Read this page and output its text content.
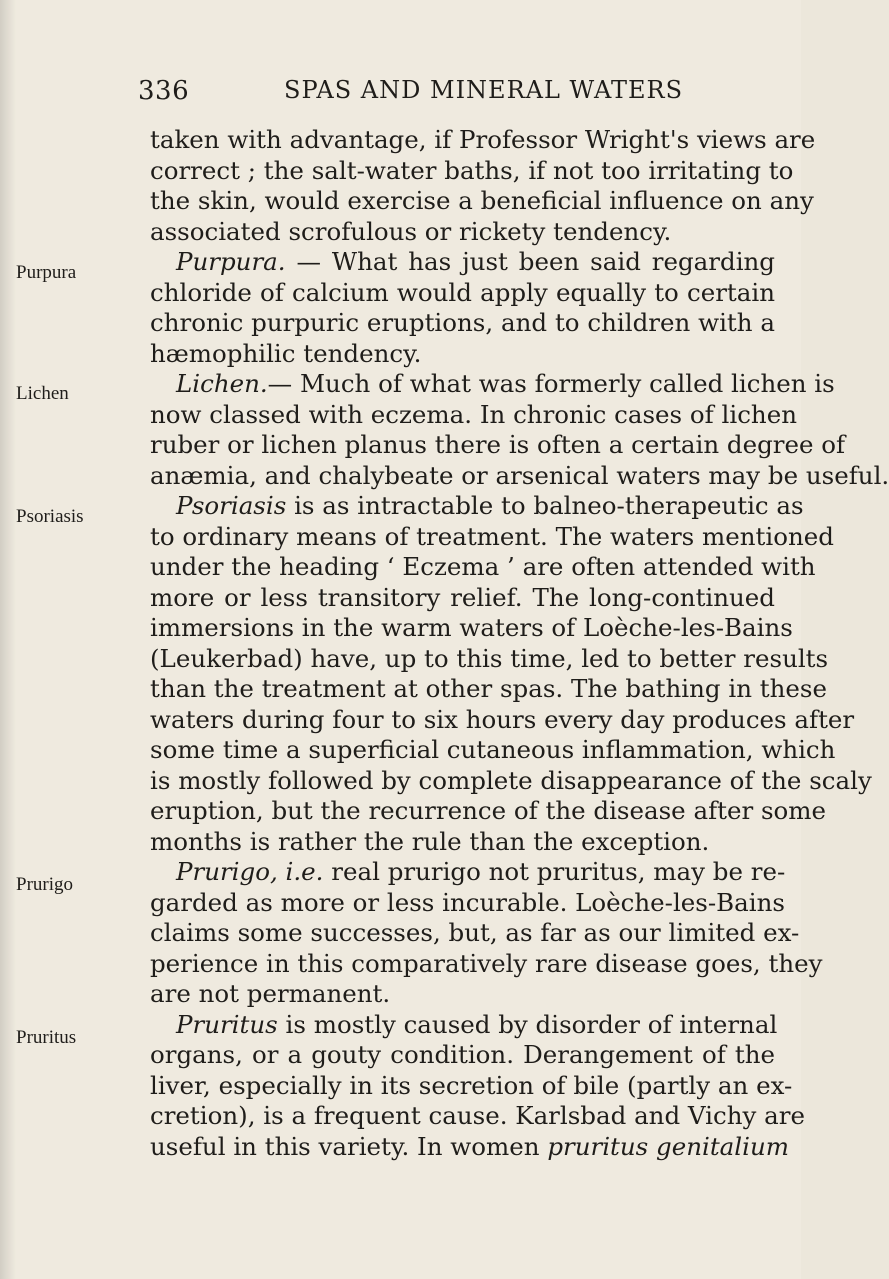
336	SPAS AND MINERAL WATERS
Purpura
Lichen
Psoriasis
Prurigo
Pruritus
taken with advantage, if Professor Wright's views are
correct ; the salt-water baths, if not too irritating to
the skin, would exercise a beneficial influence on any
associated scrofulous or rickety tendency.
Purpura. — What has just been said regarding
chloride of calcium would apply equally to certain
chronic purpuric eruptions, and to children with a
hæmophilic tendency.
Lichen.— Much of what was formerly called lichen is
now classed with eczema. In chronic cases of lichen
ruber or lichen planus there is often a certain degree of
anæmia, and chalybeate or arsenical waters may be useful.
Psoriasis is as intractable to balneo-therapeutic as
to ordinary means of treatment. The waters mentioned
under the heading ‘ Eczema ’ are often attended with
more or less transitory relief. The long-continued
immersions in the warm waters of Loèche-les-Bains
(Leukerbad) have, up to this time, led to better results
than the treatment at other spas. The bathing in these
waters during four to six hours every day produces after
some time a superficial cutaneous inflammation, which
is mostly followed by complete disappearance of the scaly
eruption, but the recurrence of the disease after some
months is rather the rule than the exception.
Prurigo, i.e. real prurigo not pruritus, may be re-
garded as more or less incurable. Loèche-les-Bains
claims some successes, but, as far as our limited ex-
perience in this comparatively rare disease goes, they
are not permanent.
Pruritus is mostly caused by disorder of internal
organs, or a gouty condition. Derangement of the
liver, especially in its secretion of bile (partly an ex-
cretion), is a frequent cause. Karlsbad and Vichy are
useful in this variety. In women pruritus genitalium
